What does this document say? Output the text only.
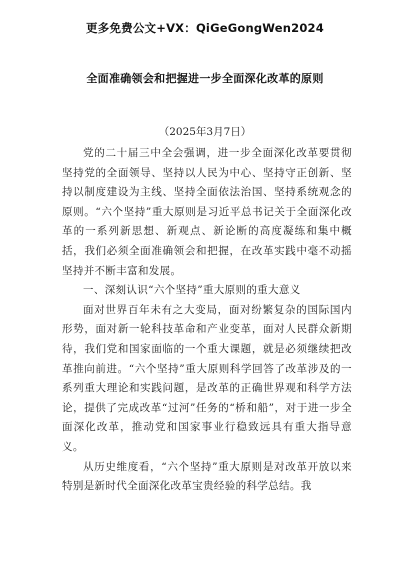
更多免费公文+VX：QiGeGongWen2024
全面准确领会和把握进一步全面深化改革的原则
（2025年3月7日）

党的二十届三中全会强调，进一步全面深化改革要贯彻坚持党的全面领导、坚持以人民为中心、坚持守正创新、坚持以制度建设为主线、坚持全面依法治国、坚持系统观念的原则。“六个坚持”重大原则是习近平总书记关于全面深化改革的一系列新思想、新观点、新论断的高度凝练和集中概括，我们必须全面准确领会和把握，在改革实践中毫不动摇坚持并不断丰富和发展。

一、深刻认识“六个坚持”重大原则的重大意义

面对世界百年未有之大变局，面对纷繁复杂的国际国内形势，面对新一轮科技革命和产业变革，面对人民群众新期待，我们党和国家面临的一个重大课题，就是必须继续把改革推向前进。“六个坚持”重大原则科学回答了改革涉及的一系列重大理论和实践问题，是改革的正确世界观和科学方法论，提供了完成改革“过河”任务的“桥和船”，对于进一步全面深化改革，推动党和国家事业行稳致远具有重大指导意义。

从历史维度看，“六个坚持”重大原则是对改革开放以来特别是新时代全面深化改革宝贵经验的科学总结。我
